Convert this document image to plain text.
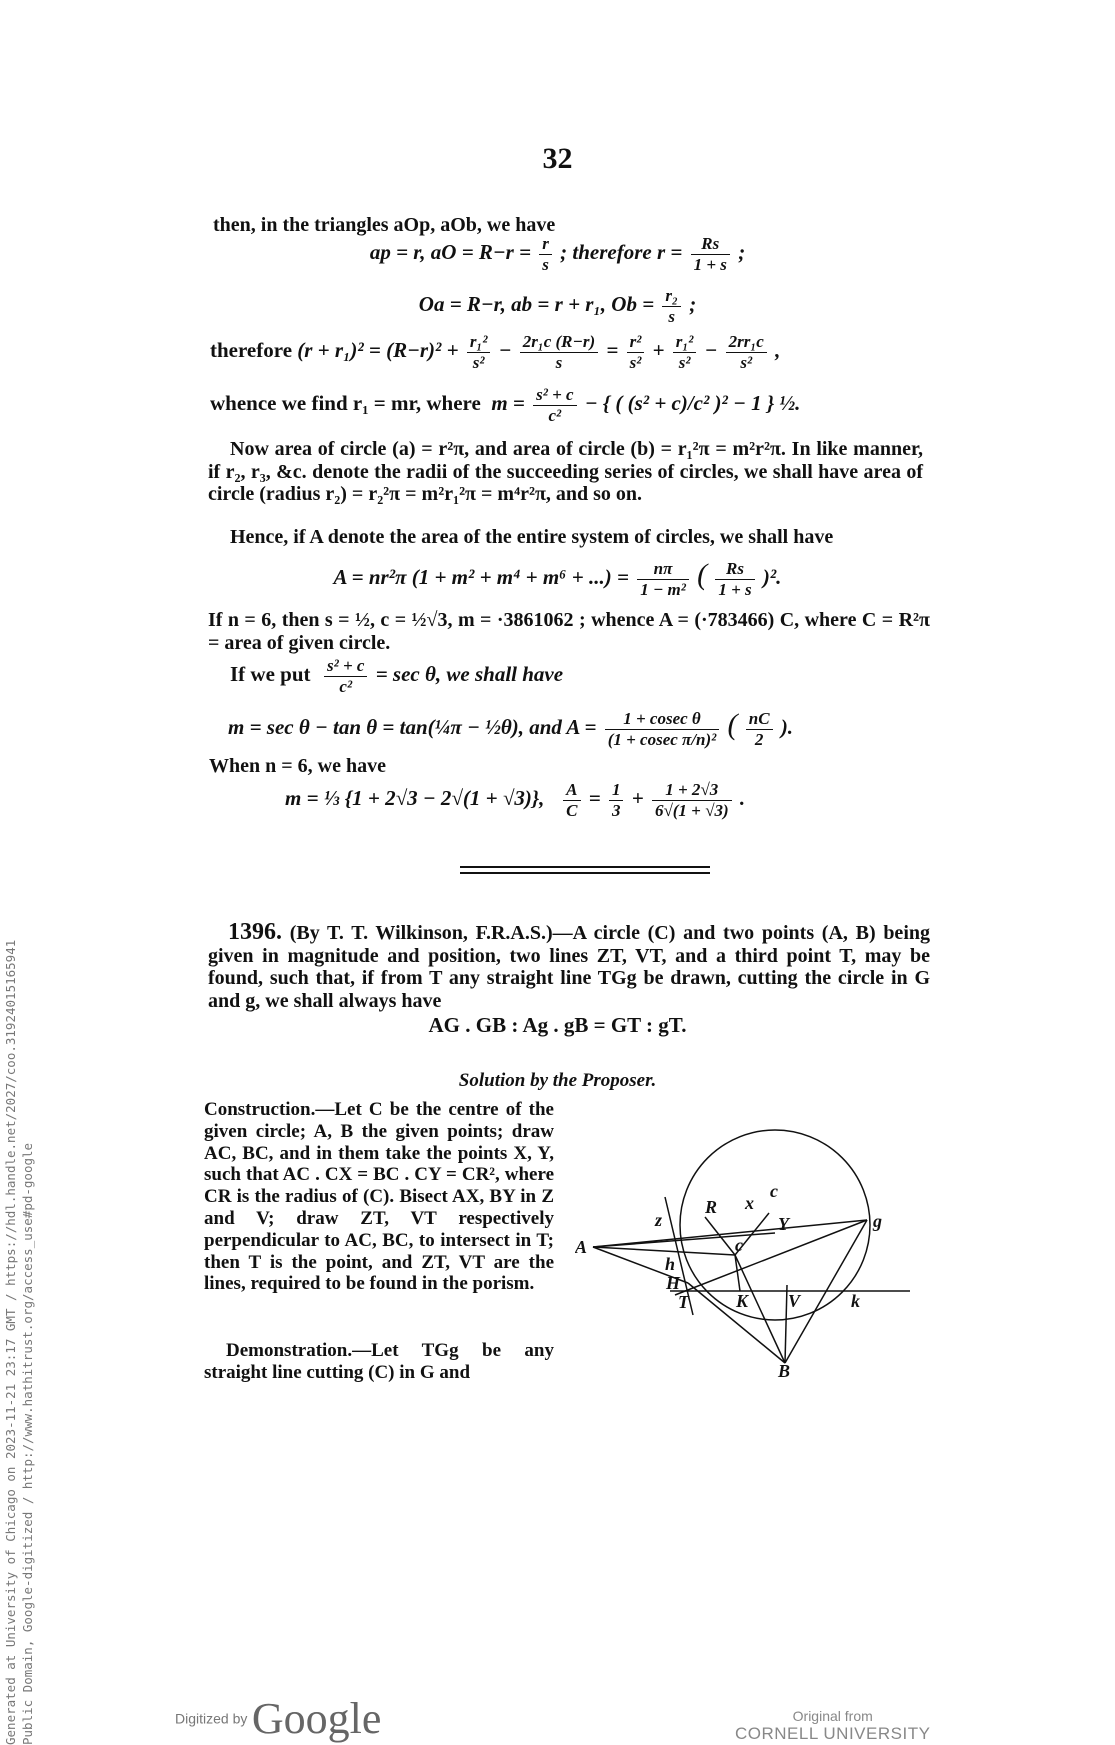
32
then, in the triangles aOp, aOb, we have
ap = r, aO = $R-r = \frac{r}{s}$ ; therefore $r = \frac{Rs}{1 + s}$ ;
Oa = R−r, ab = r + r₁, $Ob = \frac{\text{r₂}}{s}$ ;
therefore $(r + r_1)^2 = (R-r)^2 + \frac{\text{r₁²}}{\text{s²}} - \frac{\text{2r₁c (R−r)}}{s} = \frac{\text{r²}}{\text{s²}} + \frac{\text{r₁²}}{\text{s²}} - \frac{\text{2rr₁c}}{\text{s²}}$ ,
whence we find r₁ = mr, where $m = \frac{\text{s² + c}}{\text{c²}}$ − { ( (s² + c)/c² )² − 1 } ½.
Now area of circle (a) = r²π, and area of circle (b) = r₁²π = m²r²π. In like manner, if r₂, r₃, &c. denote the radii of the succeeding series of circles, we shall have area of circle (radius r₂) = r₂²π = m²r₁²π = m⁴r²π, and so on.
Hence, if A denote the area of the entire system of circles, we shall have
A = nr²π (1 + m² + m⁴ + m⁶ + ...) = $\frac{n\pi}{\text{1 − m²}}$ ( $\frac{Rs}{1 + s} )^2$.
If n = 6, then s = ½, c = ½√3, m = ·3861062 ; whence A = (·783466) C, where C = R²π = area of given circle.
If we put $\frac{\text{s² + c}}{\text{c²}} = \sec \theta$, we shall have
m = sec θ − tan θ = tan(¼π − ½θ), and $A = \frac{\text{1 + cosec θ}}{\text{(1 + cosec π/n)²}}$ ( $\frac{nC}{2}$ ).
When n = 6, we have
m = ⅓ {1 + 2√3 − 2√(1 + √3)}, $\frac{A}{C} = \frac{1}{3} + \frac{1 + 2√3}{6√(1 + √3)}$ .
1396. (By T. T. Wilkinson, F.R.A.S.)—A circle (C) and two points (A, B) being given in magnitude and position, two lines ZT, VT, and a third point T, may be found, such that, if from T any straight line TGg be drawn, cutting the circle in G and g, we shall always have
AG . GB : Ag . gB = GT : gT.
Solution by the Proposer.
Construction.—Let C be the centre of the given circle; A, B the given points; draw AC, BC, and in them take the points X, Y, such that AC . CX = BC . CY = CR², where CR is the radius of (C). Bisect AX, BY in Z and V; draw ZT, VT respectively perpendicular to AC, BC, to intersect in T; then T is the point, and ZT, VT are the lines, required to be found in the porism.
Demonstration.—Let TGg be any straight line cutting (C) in G and
A
B
c
c
R x
Y
z	g
h
H
T	K V	k
Generated at University of Chicago on 2023-11-21 23:17 GMT / https://hdl.handle.net/2027/coo.31924015165941 Public Domain, Google-digitized / http://www.hathitrust.org/access_use#pd-google	Digitized by Google	Original from
CORNELL UNIVERSITY
